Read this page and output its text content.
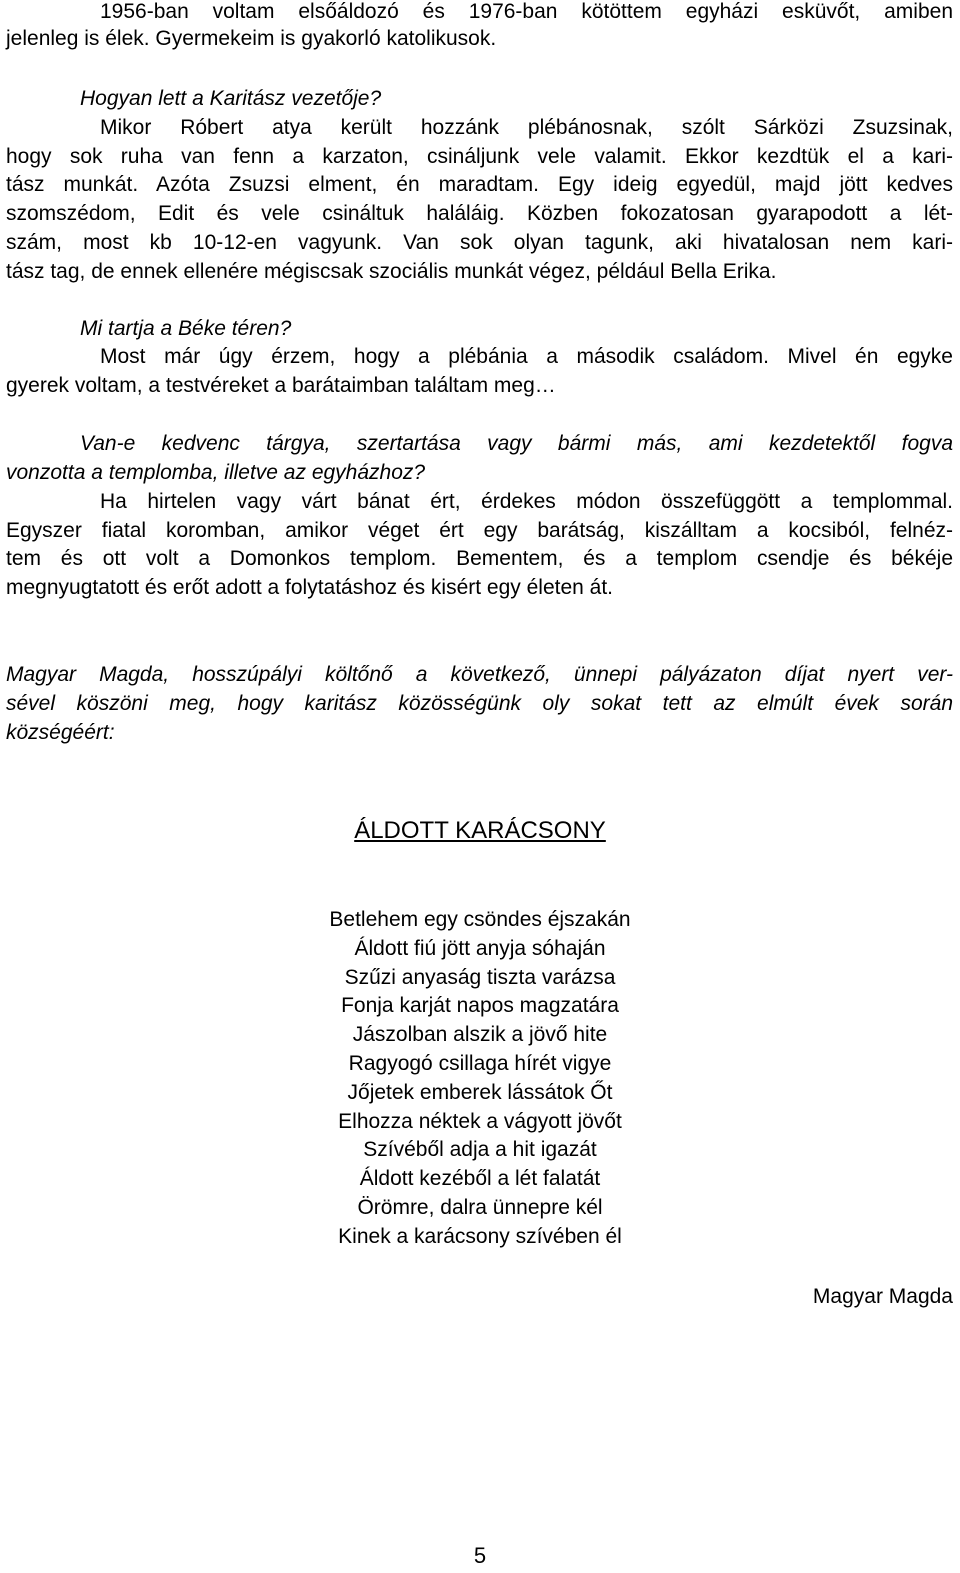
1956-ban voltam elsőáldozó és 1976-ban kötöttem egyházi esküvőt, amiben
jelenleg is élek. Gyermekeim is gyakorló katolikusok.
Hogyan lett a Karitász vezetője?
Mikor Róbert atya került hozzánk plébánosnak, szólt Sárközi Zsuzsinak,
hogy sok ruha van fenn a karzaton, csináljunk vele valamit. Ekkor kezdtük el a kari-
tász munkát. Azóta Zsuzsi elment, én maradtam. Egy ideig egyedül, majd jött kedves
szomszédom, Edit és vele csináltuk haláláig. Közben fokozatosan gyarapodott a lét-
szám, most kb 10-12-en vagyunk. Van sok olyan tagunk, aki hivatalosan nem kari-
tász tag, de ennek ellenére mégiscsak szociális munkát végez, például Bella Erika.
Mi tartja a Béke téren?
Most már úgy érzem, hogy a plébánia a második családom. Mivel én egyke
gyerek voltam, a testvéreket a barátaimban találtam meg…
Van-e kedvenc tárgya, szertartása vagy bármi más, ami kezdetektől fogva
vonzotta a templomba, illetve az egyházhoz?
Ha hirtelen vagy várt bánat ért, érdekes módon összefüggött a templommal.
Egyszer fiatal koromban, amikor véget ért egy barátság, kiszálltam a kocsiból, felnéz-
tem és ott volt a Domonkos templom. Bementem, és a templom csendje és békéje
megnyugtatott és erőt adott a folytatáshoz és kisért egy életen át.
Magyar Magda, hosszúpályi költőnő a következő, ünnepi pályázaton díjat nyert ver-
sével köszöni meg, hogy karitász közösségünk oly sokat tett az elmúlt évek során
községéért:
ÁLDOTT KARÁCSONY
Betlehem egy csöndes éjszakán
Áldott fiú jött anyja sóhaján
Szűzi anyaság tiszta varázsa
Fonja karját napos magzatára
Jászolban alszik a jövő hite
Ragyogó csillaga hírét vigye
Jőjetek emberek lássátok Őt
Elhozza néktek a vágyott jövőt
Szívéből adja a hit igazát
Áldott kezéből a lét falatát
Örömre, dalra ünnepre kél
Kinek a karácsony szívében él
Magyar Magda
5
